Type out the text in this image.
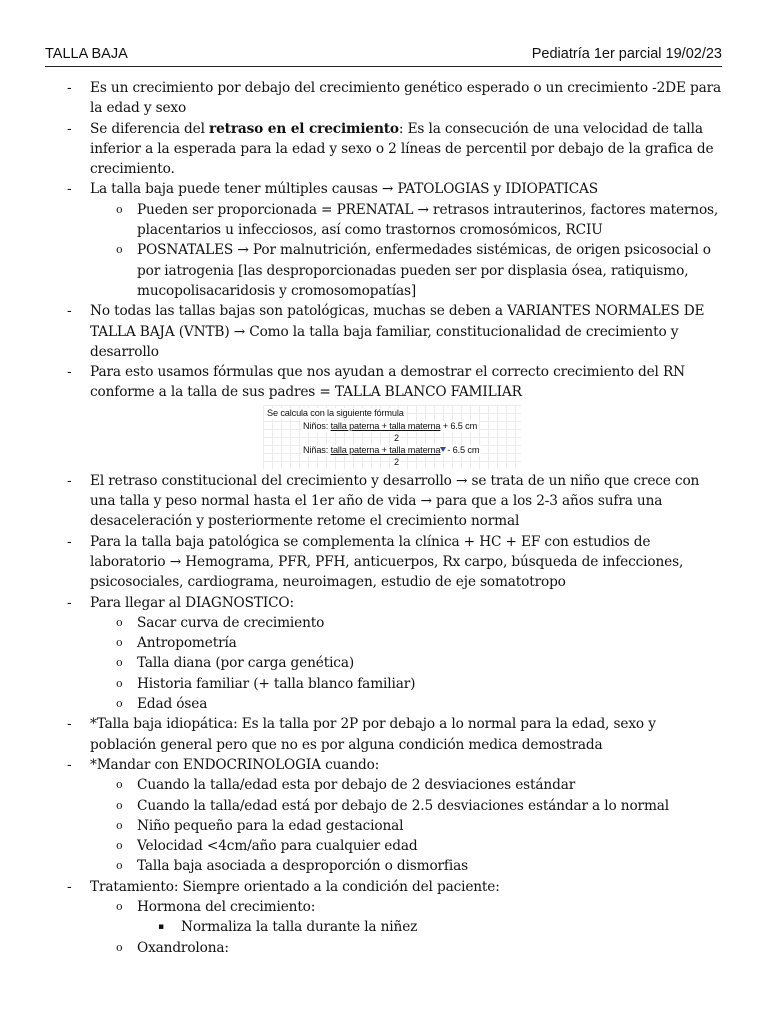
TALLA BAJA	Pediatría 1er parcial 19/02/23
- Es un crecimiento por debajo del crecimiento genético esperado o un crecimiento -2DE para la edad y sexo
- Se diferencia del retraso en el crecimiento: Es la consecución de una velocidad de talla inferior a la esperada para la edad y sexo o 2 líneas de percentil por debajo de la grafica de crecimiento.
- La talla baja puede tener múltiples causas → PATOLOGIAS y IDIOPATICAS
o Pueden ser proporcionada = PRENATAL → retrasos intrauterinos, factores maternos, placentarios u infecciosos, así como trastornos cromosómicos, RCIU
o POSNATALES → Por malnutrición, enfermedades sistémicas, de origen psicosocial o por iatrogenia [las desproporcionadas pueden ser por displasia ósea, ratiquismo, mucopolisacaridosis y cromosomopatías]
- No todas las tallas bajas son patológicas, muchas se deben a VARIANTES NORMALES DE TALLA BAJA (VNTB) → Como la talla baja familiar, constitucionalidad de crecimiento y desarrollo
- Para esto usamos fórmulas que nos ayudan a demostrar el correcto crecimiento del RN conforme a la talla de sus padres = TALLA BLANCO FAMILIAR
Se calcula con la siguiente fórmula
Niños: talla paterna + talla materna + 6.5 cm
2
Niñas: talla paterna + talla materna - 6.5 cm
2
- El retraso constitucional del crecimiento y desarrollo → se trata de un niño que crece con una talla y peso normal hasta el 1er año de vida → para que a los 2-3 años sufra una desaceleración y posteriormente retome el crecimiento normal
- Para la talla baja patológica se complementa la clínica + HC + EF con estudios de laboratorio → Hemograma, PFR, PFH, anticuerpos, Rx carpo, búsqueda de infecciones, psicosociales, cardiograma, neuroimagen, estudio de eje somatotropo
- Para llegar al DIAGNOSTICO:
o Sacar curva de crecimiento
o Antropometría
o Talla diana (por carga genética)
o Historia familiar (+ talla blanco familiar)
o Edad ósea
- *Talla baja idiopática: Es la talla por 2P por debajo a lo normal para la edad, sexo y población general pero que no es por alguna condición medica demostrada
- *Mandar con ENDOCRINOLOGIA cuando:
o Cuando la talla/edad esta por debajo de 2 desviaciones estándar
o Cuando la talla/edad está por debajo de 2.5 desviaciones estándar a lo normal
o Niño pequeño para la edad gestacional
o Velocidad <4cm/año para cualquier edad
o Talla baja asociada a desproporción o dismorfias
- Tratamiento: Siempre orientado a la condición del paciente:
o Hormona del crecimiento:
▪ Normaliza la talla durante la niñez
o Oxandrolona:
